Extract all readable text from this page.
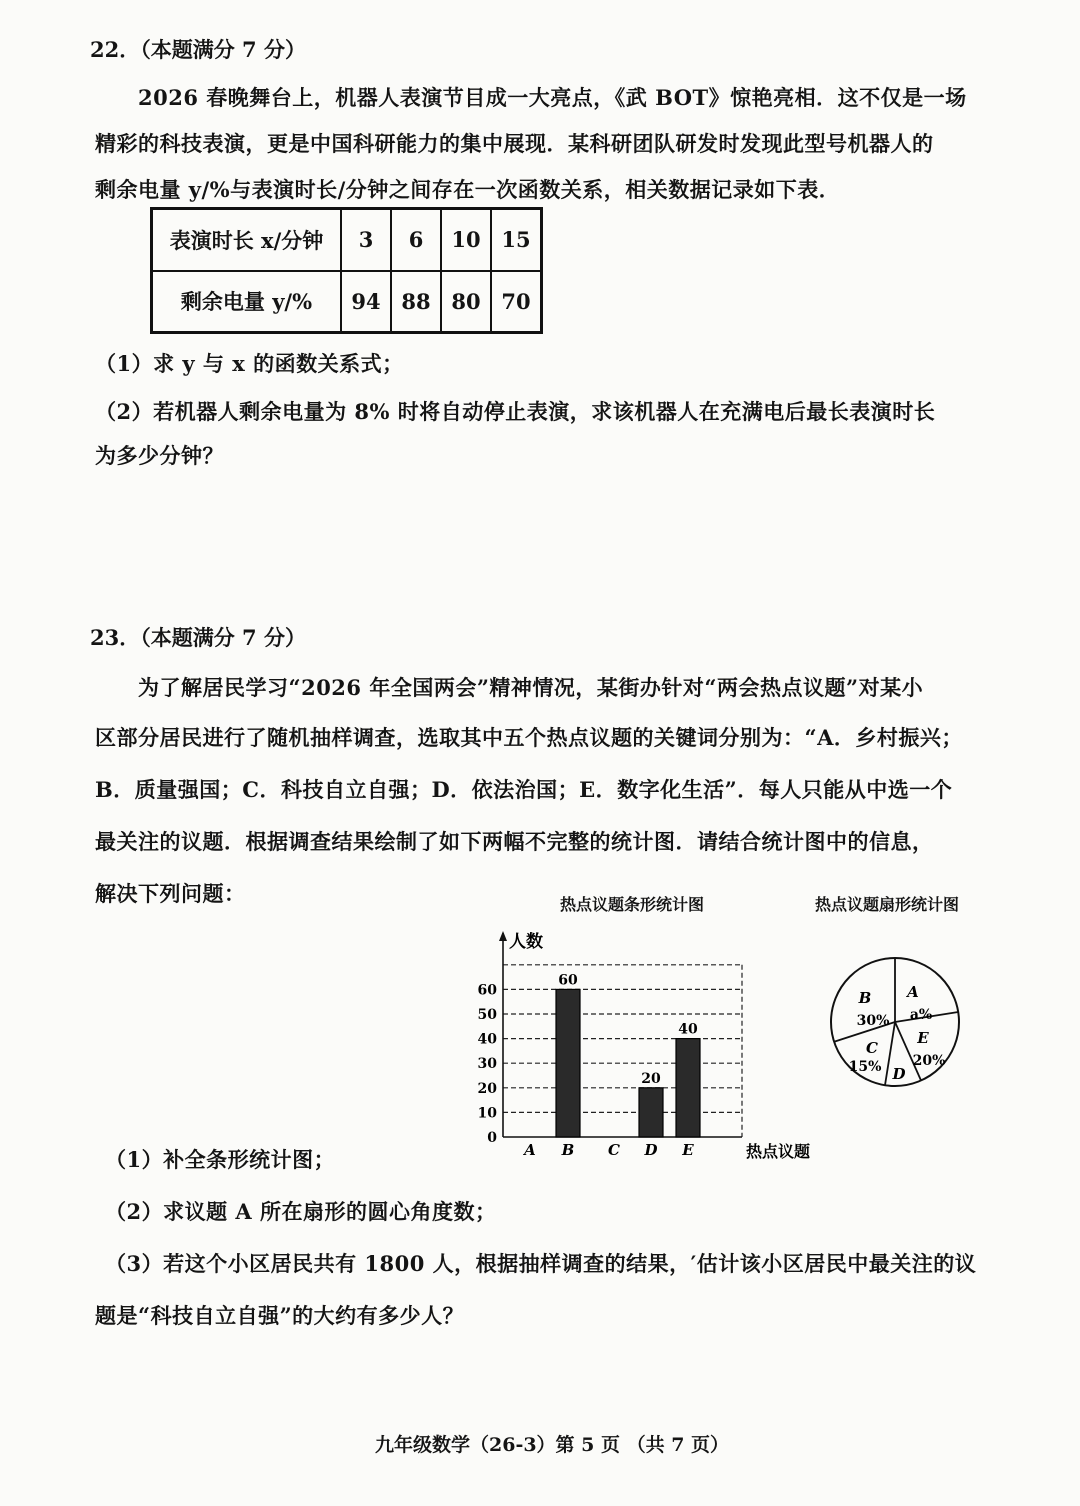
22．（本题满分 7 分）
2026 春晚舞台上，机器人表演节目成一大亮点，《武 BOT》惊艳亮相．这不仅是一场
精彩的科技表演，更是中国科研能力的集中展现．某科研团队研发时发现此型号机器人的
剩余电量 y/%与表演时长/分钟之间存在一次函数关系，相关数据记录如下表．
表演时长 x/分钟	3	6	10	15
剩余电量 y/%	94	88	80	70
（1）求 y 与 x 的函数关系式；
（2）若机器人剩余电量为 8% 时将自动停止表演，求该机器人在充满电后最长表演时长
为多少分钟？
23．（本题满分 7 分）
为了解居民学习“2026 年全国两会”精神情况，某街办针对“两会热点议题”对某小
区部分居民进行了随机抽样调查，选取其中五个热点议题的关键词分别为：“A．乡村振兴；
B．质量强国；C．科技自立自强；D．依法治国；E．数字化生活”．每人只能从中选一个
最关注的议题．根据调查结果绘制了如下两幅不完整的统计图．请结合统计图中的信息，
解决下列问题：	热点议题条形统计图
0
10
20
30
40
50
60
人数
热点议题
A B
60
C D
20
E
40
热点议题扇形统计图
A
a%
B
30%
C
15% D
E
20%
（1）补全条形统计图；
（2）求议题 A 所在扇形的圆心角度数；
（3）若这个小区居民共有 1800 人，根据抽样调查的结果，′估计该小区居民中最关注的议
题是“科技自立自强”的大约有多少人？
九年级数学（26-3）第 5 页 （共 7 页）
